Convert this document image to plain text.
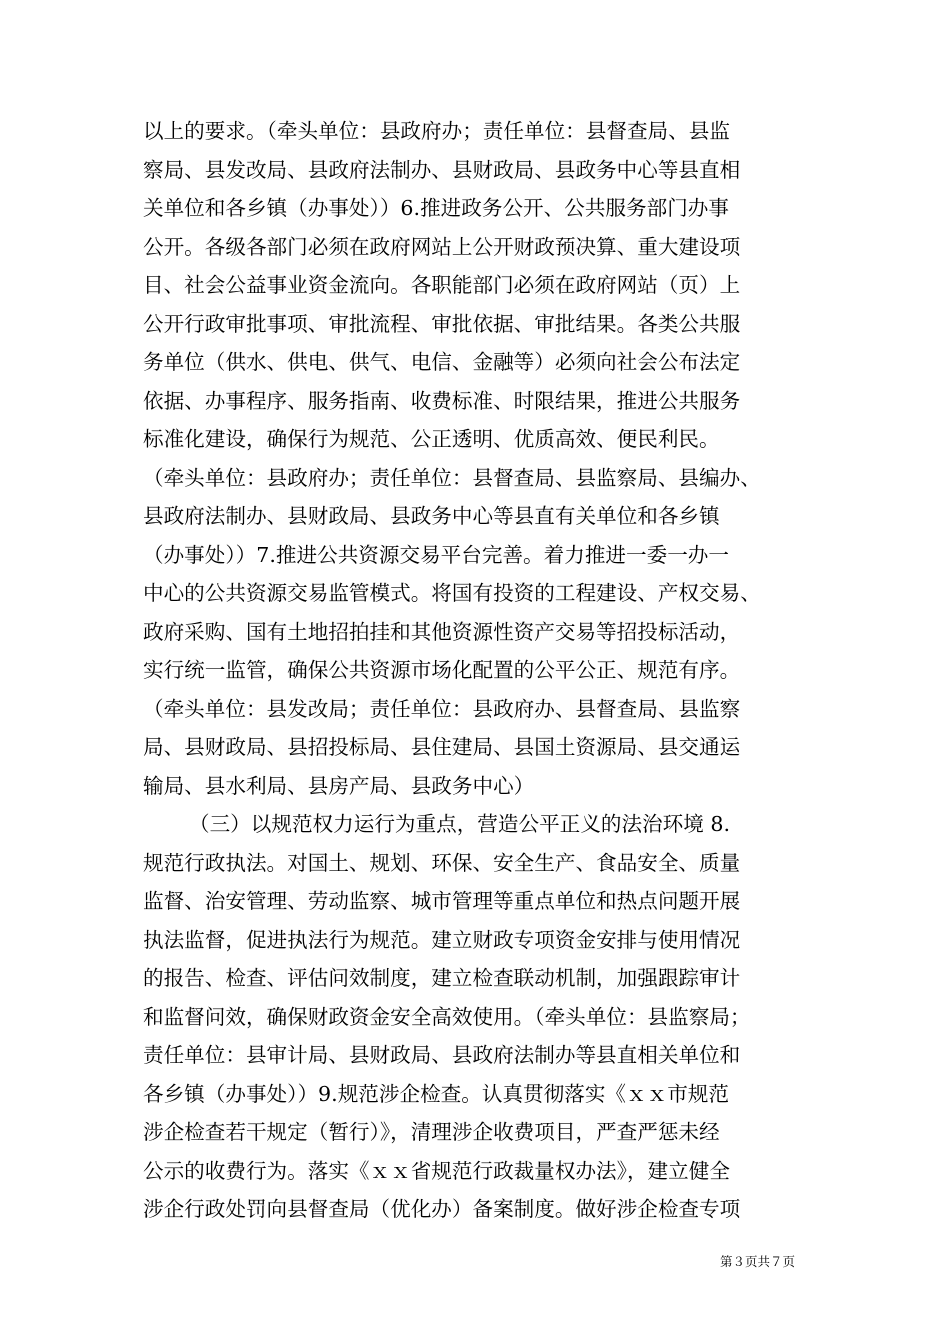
以上的要求。（牵头单位：县政府办；责任单位：县督查局、县监
察局、县发改局、县政府法制办、县财政局、县政务中心等县直相
关单位和各乡镇（办事处））6.推进政务公开、公共服务部门办事
公开。各级各部门必须在政府网站上公开财政预决算、重大建设项
目、社会公益事业资金流向。各职能部门必须在政府网站（页）上
公开行政审批事项、审批流程、审批依据、审批结果。各类公共服
务单位（供水、供电、供气、电信、金融等）必须向社会公布法定
依据、办事程序、服务指南、收费标准、时限结果，推进公共服务
标准化建设，确保行为规范、公正透明、优质高效、便民利民。
（牵头单位：县政府办；责任单位：县督查局、县监察局、县编办、
县政府法制办、县财政局、县政务中心等县直有关单位和各乡镇
（办事处））7.推进公共资源交易平台完善。着力推进一委一办一
中心的公共资源交易监管模式。将国有投资的工程建设、产权交易、
政府采购、国有土地招拍挂和其他资源性资产交易等招投标活动，
实行统一监管，确保公共资源市场化配置的公平公正、规范有序。
（牵头单位：县发改局；责任单位：县政府办、县督查局、县监察
局、县财政局、县招投标局、县住建局、县国土资源局、县交通运
输局、县水利局、县房产局、县政务中心）
（三）以规范权力运行为重点，营造公平正义的法治环境 8.
规范行政执法。对国土、规划、环保、安全生产、食品安全、质量
监督、治安管理、劳动监察、城市管理等重点单位和热点问题开展
执法监督，促进执法行为规范。建立财政专项资金安排与使用情况
的报告、检查、评估问效制度，建立检查联动机制，加强跟踪审计
和监督问效，确保财政资金安全高效使用。（牵头单位：县监察局；
责任单位：县审计局、县财政局、县政府法制办等县直相关单位和
各乡镇（办事处））9.规范涉企检查。认真贯彻落实《ｘｘ市规范
涉企检查若干规定（暂行）》，清理涉企收费项目，严查严惩未经
公示的收费行为。落实《ｘｘ省规范行政裁量权办法》，建立健全
涉企行政处罚向县督查局（优化办）备案制度。做好涉企检查专项
第３页共７页
